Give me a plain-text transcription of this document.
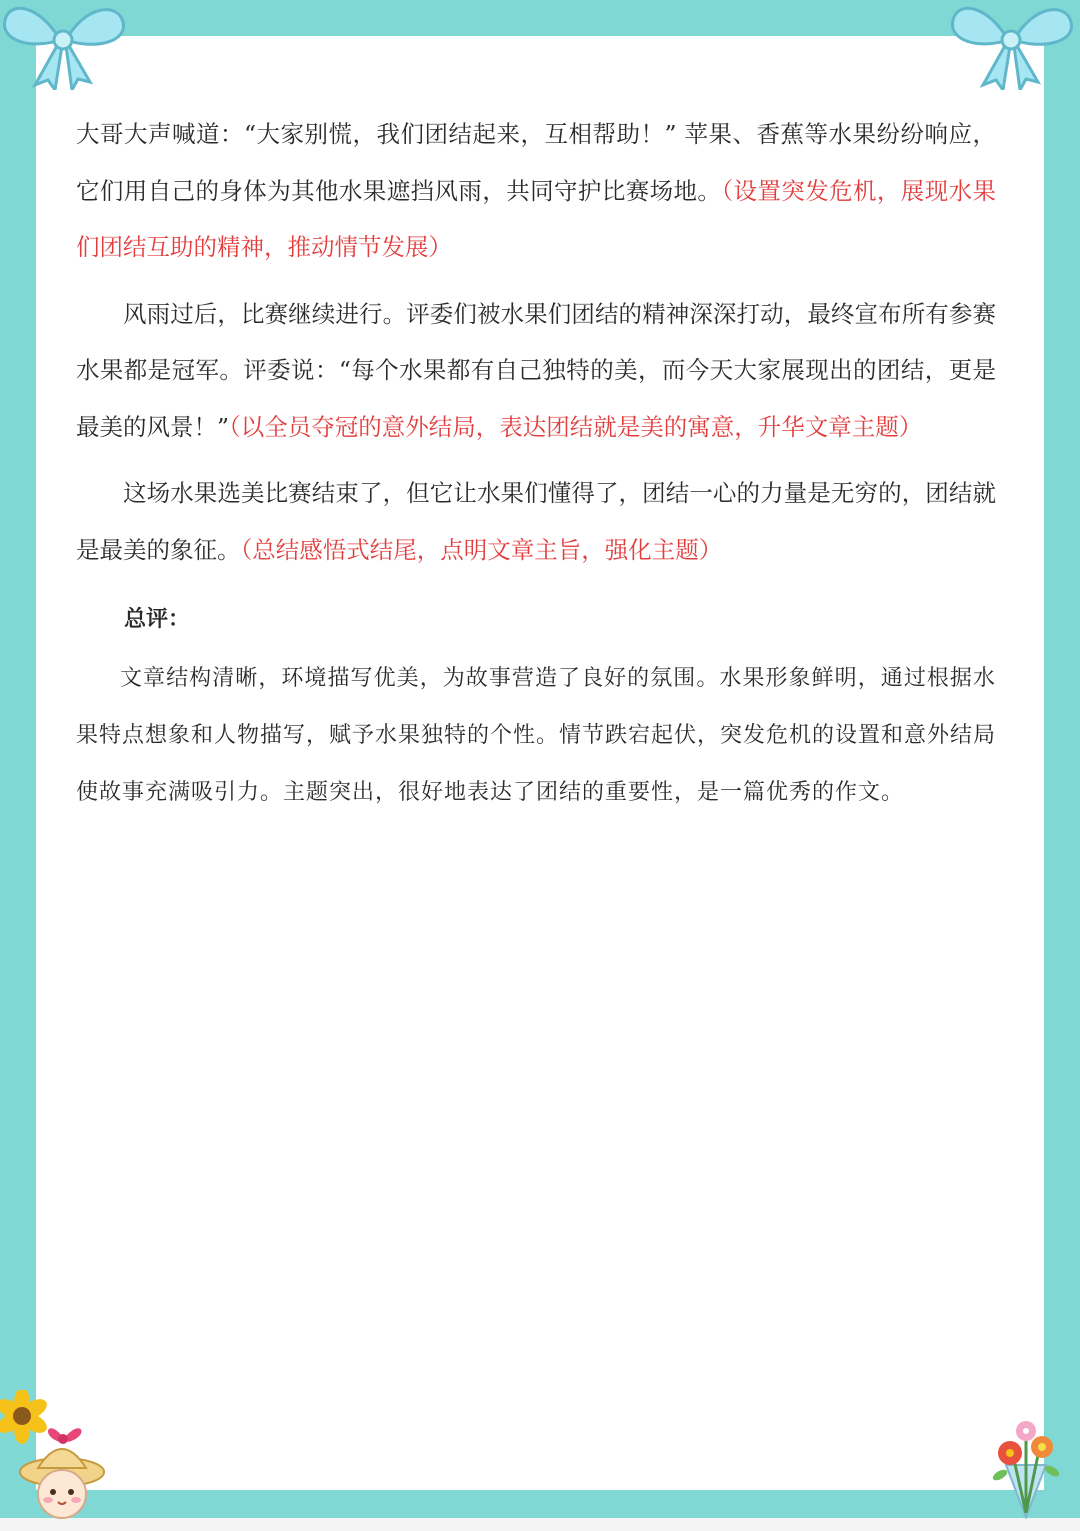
大哥大声喊道：“大家别慌，我们团结起来，互相帮助！” 苹果、香蕉等水果纷纷响应，它们用自己的身体为其他水果遮挡风雨，共同守护比赛场地。（设置突发危机，展现水果们团结互助的精神，推动情节发展）

风雨过后，比赛继续进行。评委们被水果们团结的精神深深打动，最终宣布所有参赛水果都是冠军。评委说：“每个水果都有自己独特的美，而今天大家展现出的团结，更是最美的风景！”（以全员夺冠的意外结局，表达团结就是美的寓意，升华文章主题）

这场水果选美比赛结束了，但它让水果们懂得了，团结一心的力量是无穷的，团结就是最美的象征。（总结感悟式结尾，点明文章主旨，强化主题）

总评：

文章结构清晰，环境描写优美，为故事营造了良好的氛围。水果形象鲜明，通过根据水果特点想象和人物描写，赋予水果独特的个性。情节跌宕起伏，突发危机的设置和意外结局使故事充满吸引力。主题突出，很好地表达了团结的重要性，是一篇优秀的作文。
